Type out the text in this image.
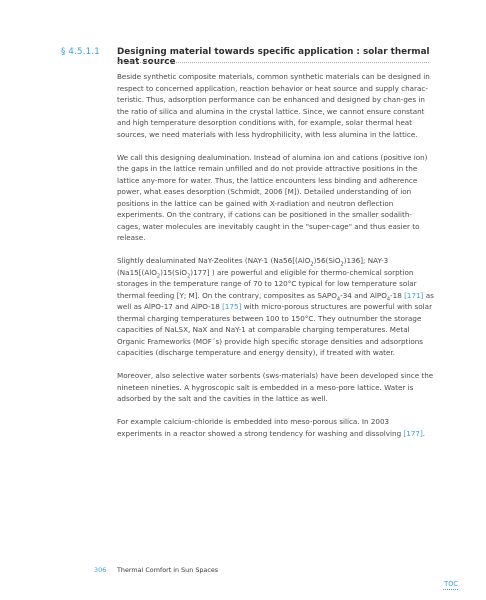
§ 4.5.1.1 Designing material towards specific application : solar thermal heat source

Beside synthetic composite materials, common synthetic materials can be designed in respect to concerned application, reaction behavior or heat source and supply charac-teristic. Thus, adsorption performance can be enhanced and designed by chan-ges in the ratio of silica and alumina in the crystal lattice. Since, we cannot ensure constant and high temperature desorption conditions with, for example, solar thermal heat sources, we need materials with less hydrophilicity, with less alumina in the lattice.

We call this designing dealumination. Instead of alumina ion and cations (positive ion) the gaps in the lattice remain unfilled and do not provide attractive positions in the lattice any-more for water. Thus, the lattice encounters less binding and adherence power, what eases desorption (Schmidt, 2006 [M]). Detailed understanding of ion positions in the lattice can be gained with X-radiation and neutron deflection experiments. On the contrary, if cations can be positioned in the smaller sodalith-cages, water molecules are inevitably caught in the "super-cage" and thus easier to release.

Slightly dealuminated NaY-Zeolites (NAY-1 (Na56[(AlO$_2$)56(SiO$_2$)136]; NAY-3 (Na15[(AlO$_2$)15(SiO$_2$)177] ) are powerful and eligible for thermo-chemical sorption storages in the temperature range of 70 to 120°C typical for low temperature solar thermal feeding [Y; M]. On the contrary, composites as $SAPO_4-34$ and AlPO$_4$-18 [171] as well as AlPO-17 and AlPO-18 [175] with micro-porous structures are powerful with solar thermal charging temperatures between 100 to 150°C. They outnumber the storage capacities of NaLSX, NaX and NaY-1 at comparable charging temperatures. Metal Organic Frameworks (MOF´s) provide high specific storage densities and adsorptions capacities (discharge temperature and energy density), if treated with water.

Moreover, also selective water sorbents (sws-materials) have been developed since the nineteen nineties. A hygroscopic salt is embedded in a meso-pore lattice. Water is adsorbed by the salt and the cavities in the lattice as well.

For example calcium-chloride is embedded into meso-porous silica. In 2003 experiments in a reactor showed a strong tendency for washing and dissolving [177].

306 Thermal Comfort in Sun Spaces
TOC
